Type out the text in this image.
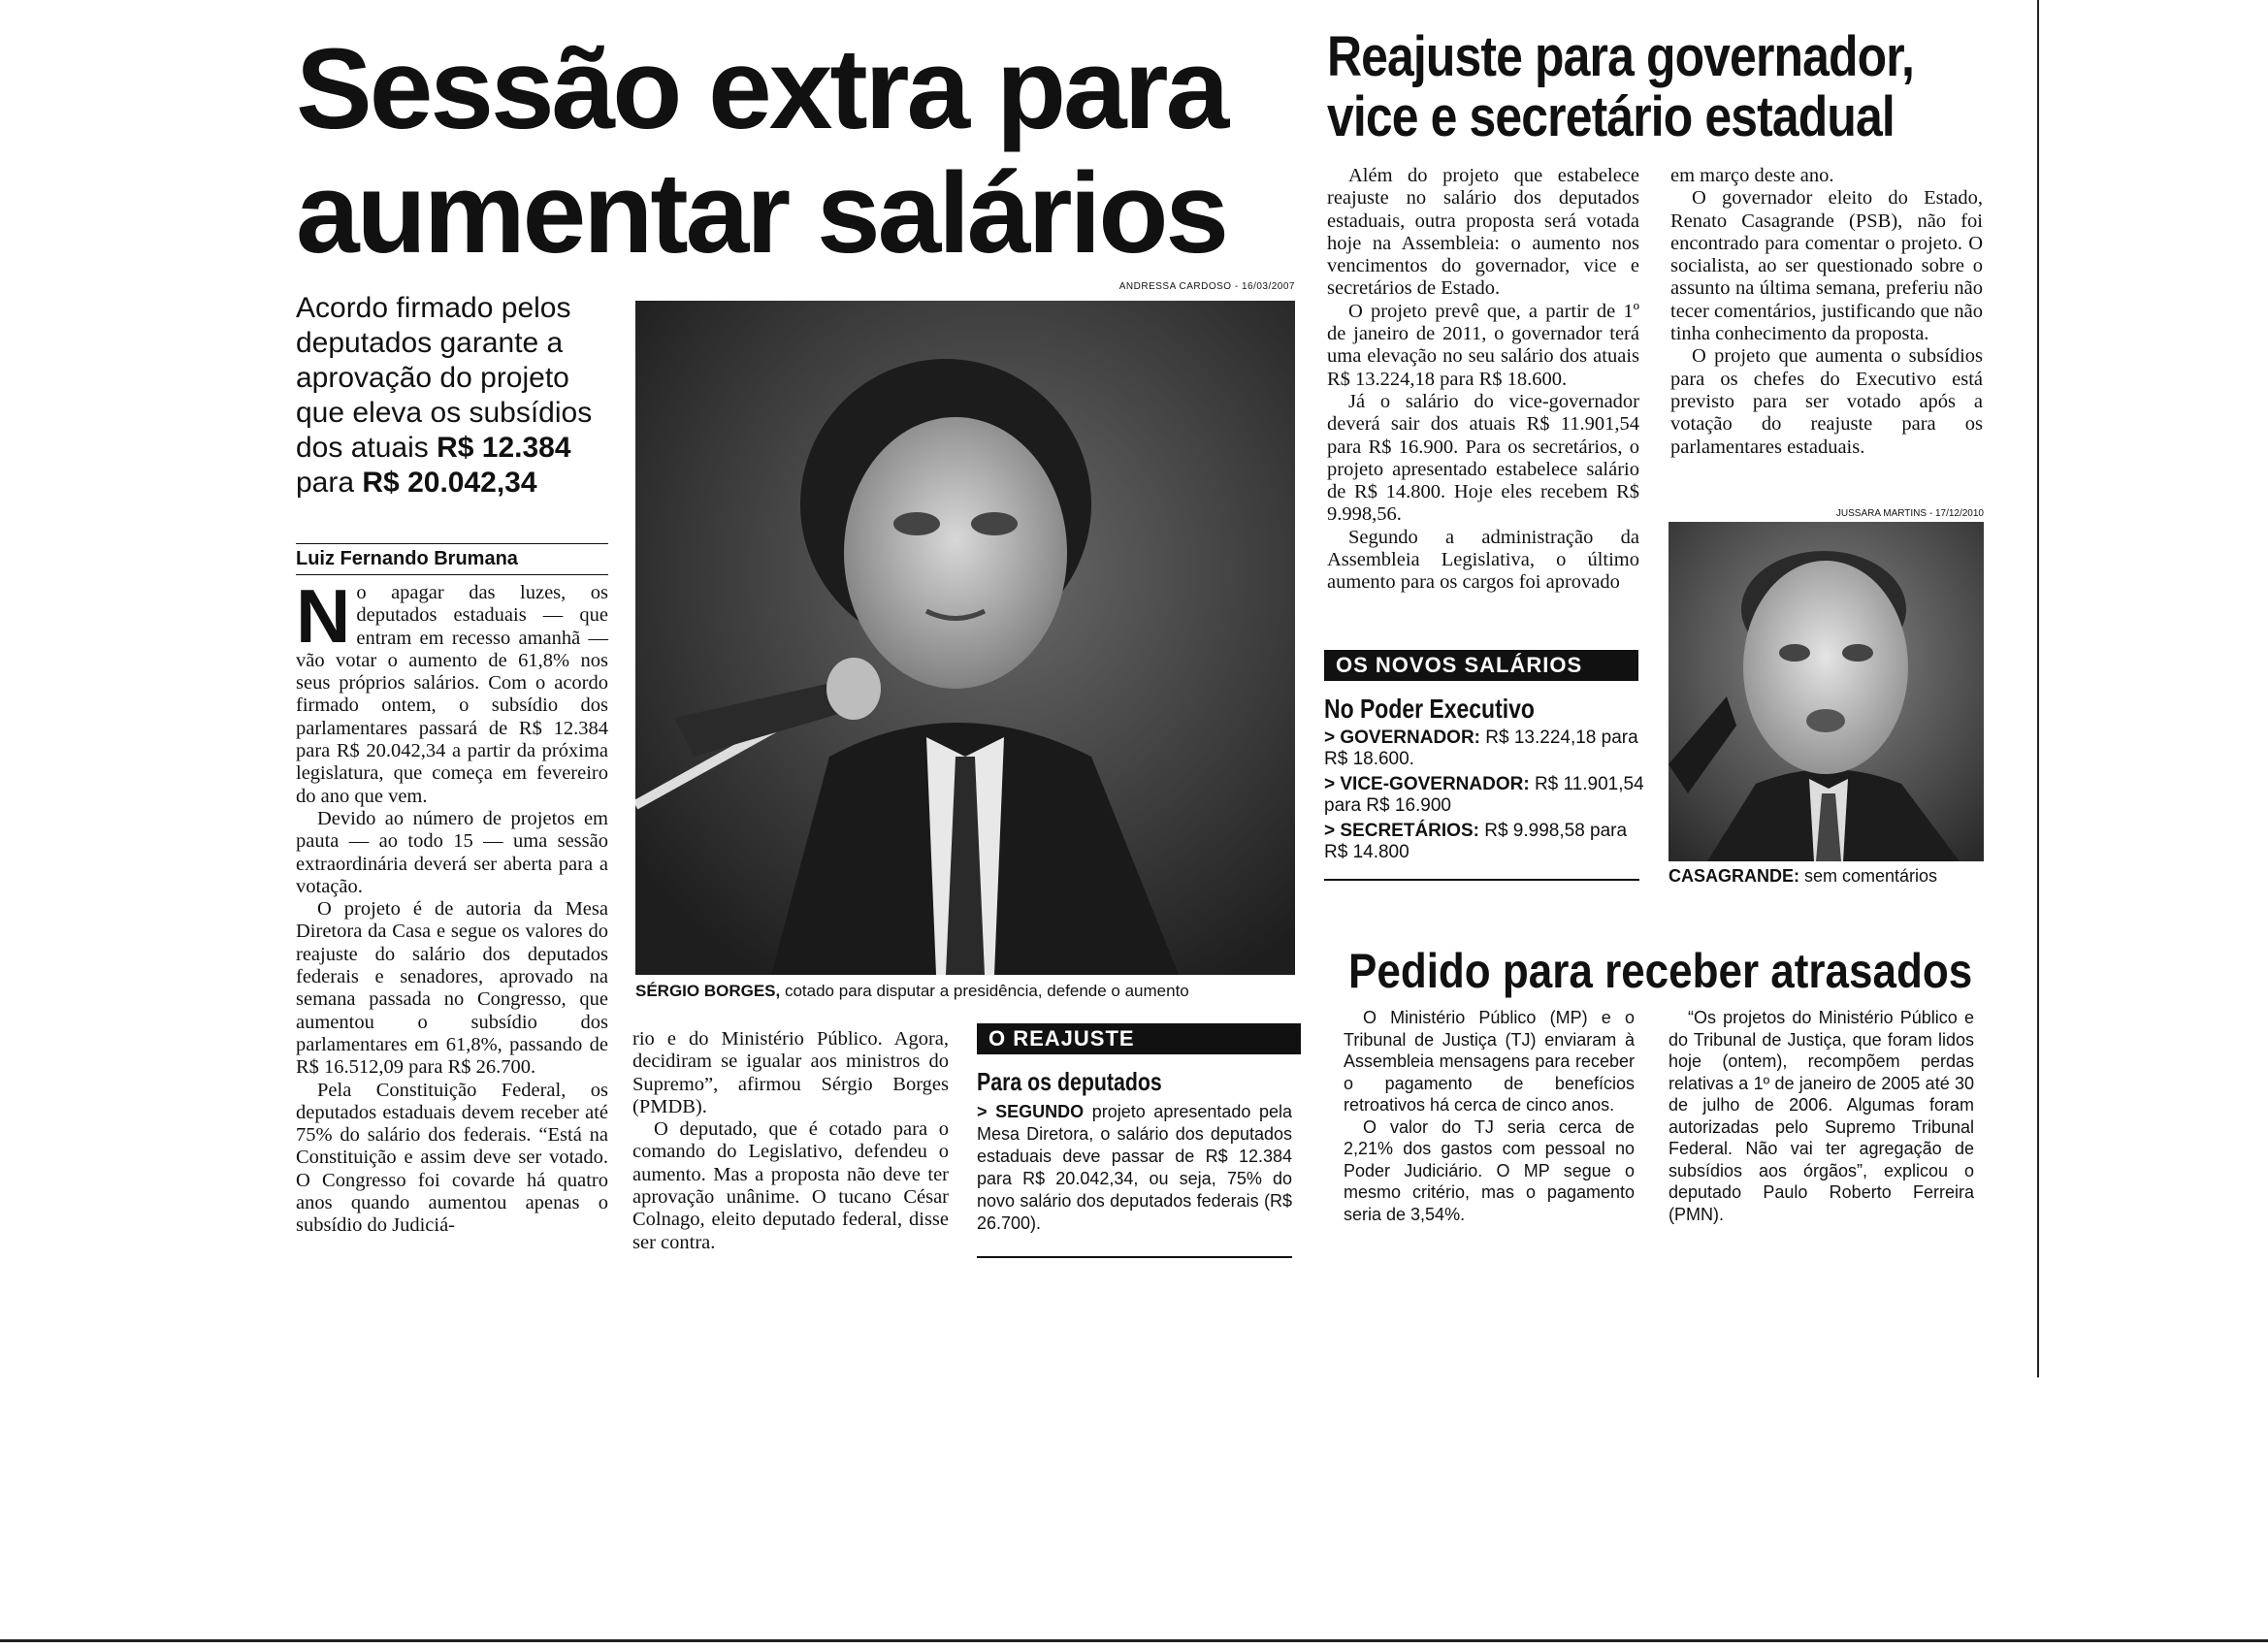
Sessão extra para aumentar salários
Acordo firmado pelos deputados garante a aprovação do projeto que eleva os subsídios dos atuais R$ 12.384 para R$ 20.042,34
Luiz Fernando Brumana

No apagar das luzes, os deputados estaduais — que entram em recesso amanhã — vão votar o aumento de 61,8% nos seus próprios salários. Com o acordo firmado ontem, o subsídio dos parlamentares passará de R$ 12.384 para R$ 20.042,34 a partir da próxima legislatura, que começa em fevereiro do ano que vem.

Devido ao número de projetos em pauta — ao todo 15 — uma sessão extraordinária deverá ser aberta para a votação.

O projeto é de autoria da Mesa Diretora da Casa e segue os valores do reajuste do salário dos deputados federais e senadores, aprovado na semana passada no Congresso, que aumentou o subsídio dos parlamentares em 61,8%, passando de R$ 16.512,09 para R$ 26.700.

Pela Constituição Federal, os deputados estaduais devem receber até 75% do salário dos federais. “Está na Constituição e assim deve ser votado. O Congresso foi covarde há quatro anos quando aumentou apenas o subsídio do Judiciá-

ANDRESSA CARDOSO - 16/03/2007
SÉRGIO BORGES, cotado para disputar a presidência, defende o aumento

rio e do Ministério Público. Agora, decidiram se igualar aos ministros do Supremo”, afirmou Sérgio Borges (PMDB).

O deputado, que é cotado para o comando do Legislativo, defendeu o aumento. Mas a proposta não deve ter aprovação unânime. O tucano César Colnago, eleito deputado federal, disse ser contra.

O REAJUSTE
Para os deputados
> SEGUNDO projeto apresentado pela Mesa Diretora, o salário dos deputados estaduais deve passar de R$ 12.384 para R$ 20.042,34, ou seja, 75% do novo salário dos deputados federais (R$ 26.700).
Reajuste para governador,
vice e secretário estadual

Além do projeto que estabelece reajuste no salário dos deputados estaduais, outra proposta será votada hoje na Assembleia: o aumento nos vencimentos do governador, vice e secretários de Estado.

O projeto prevê que, a partir de 1º de janeiro de 2011, o governador terá uma elevação no seu salário dos atuais R$ 13.224,18 para R$ 18.600.

Já o salário do vice-governador deverá sair dos atuais R$ 11.901,54 para R$ 16.900. Para os secretários, o projeto apresentado estabelece salário de R$ 14.800. Hoje eles recebem R$ 9.998,56.

Segundo a administração da Assembleia Legislativa, o último aumento para os cargos foi aprovado

em março deste ano.

O governador eleito do Estado, Renato Casagrande (PSB), não foi encontrado para comentar o projeto. O socialista, ao ser questionado sobre o assunto na última semana, preferiu não tecer comentários, justificando que não tinha conhecimento da proposta.

O projeto que aumenta o subsídios para os chefes do Executivo está previsto para ser votado após a votação do reajuste para os parlamentares estaduais.

OS NOVOS SALÁRIOS
No Poder Executivo
> GOVERNADOR: R$ 13.224,18 para R$ 18.600.
> VICE-GOVERNADOR: R$ 11.901,54 para R$ 16.900
> SECRETÁRIOS: R$ 9.998,58 para R$ 14.800
JUSSARA MARTINS - 17/12/2010
CASAGRANDE: sem comentários
Pedido para receber atrasados

O Ministério Público (MP) e o Tribunal de Justiça (TJ) enviaram à Assembleia mensagens para receber o pagamento de benefícios retroativos há cerca de cinco anos.

O valor do TJ seria cerca de 2,21% dos gastos com pessoal no Poder Judiciário. O MP segue o mesmo critério, mas o pagamento seria de 3,54%.

“Os projetos do Ministério Público e do Tribunal de Justiça, que foram lidos hoje (ontem), recompõem perdas relativas a 1º de janeiro de 2005 até 30 de julho de 2006. Algumas foram autorizadas pelo Supremo Tribunal Federal. Não vai ter agregação de subsídios aos órgãos”, explicou o deputado Paulo Roberto Ferreira (PMN).
